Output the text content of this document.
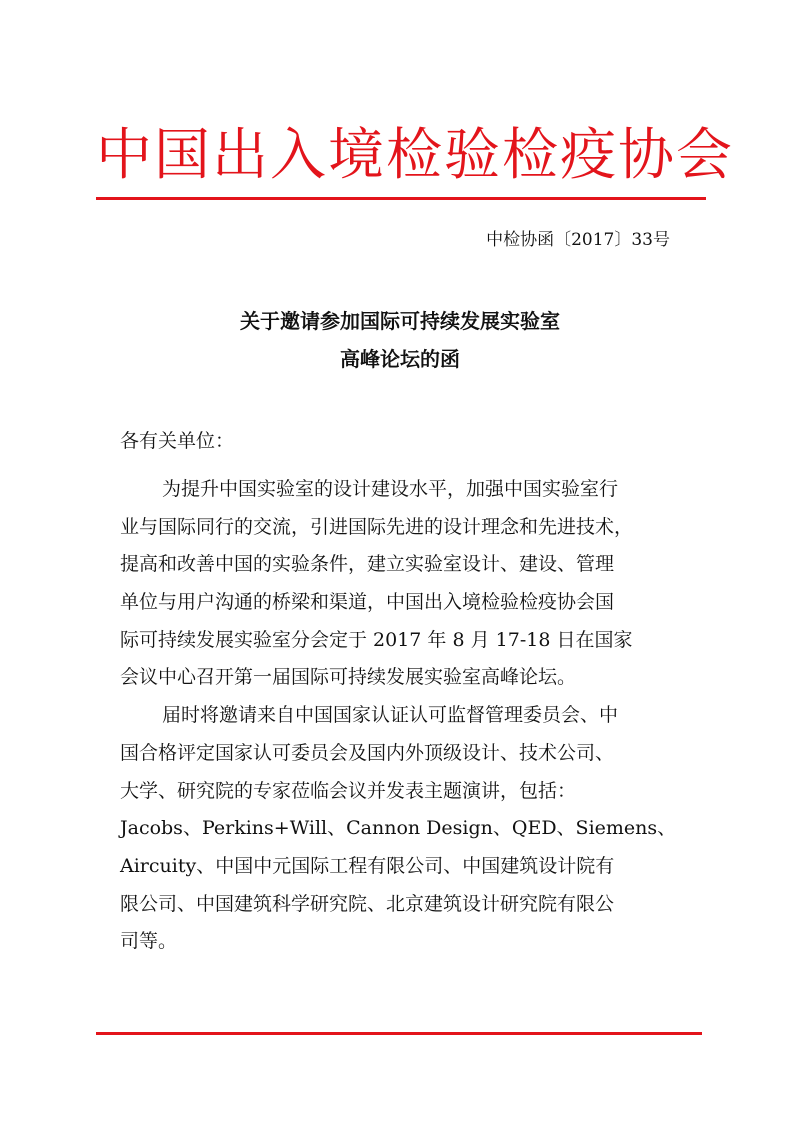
中国出入境检验检疫协会
中检协函〔2017〕33号
关于邀请参加国际可持续发展实验室
高峰论坛的函
各有关单位：
为提升中国实验室的设计建设水平，加强中国实验室行
业与国际同行的交流，引进国际先进的设计理念和先进技术，
提高和改善中国的实验条件，建立实验室设计、建设、管理
单位与用户沟通的桥梁和渠道，中国出入境检验检疫协会国
际可持续发展实验室分会定于 2017 年 8 月 17-18 日在国家
会议中心召开第一届国际可持续发展实验室高峰论坛。
届时将邀请来自中国国家认证认可监督管理委员会、中
国合格评定国家认可委员会及国内外顶级设计、技术公司、
大学、研究院的专家莅临会议并发表主题演讲，包括：
Jacobs、Perkins+Will、Cannon Design、QED、Siemens、
Aircuity、中国中元国际工程有限公司、中国建筑设计院有
限公司、中国建筑科学研究院、北京建筑设计研究院有限公
司等。
